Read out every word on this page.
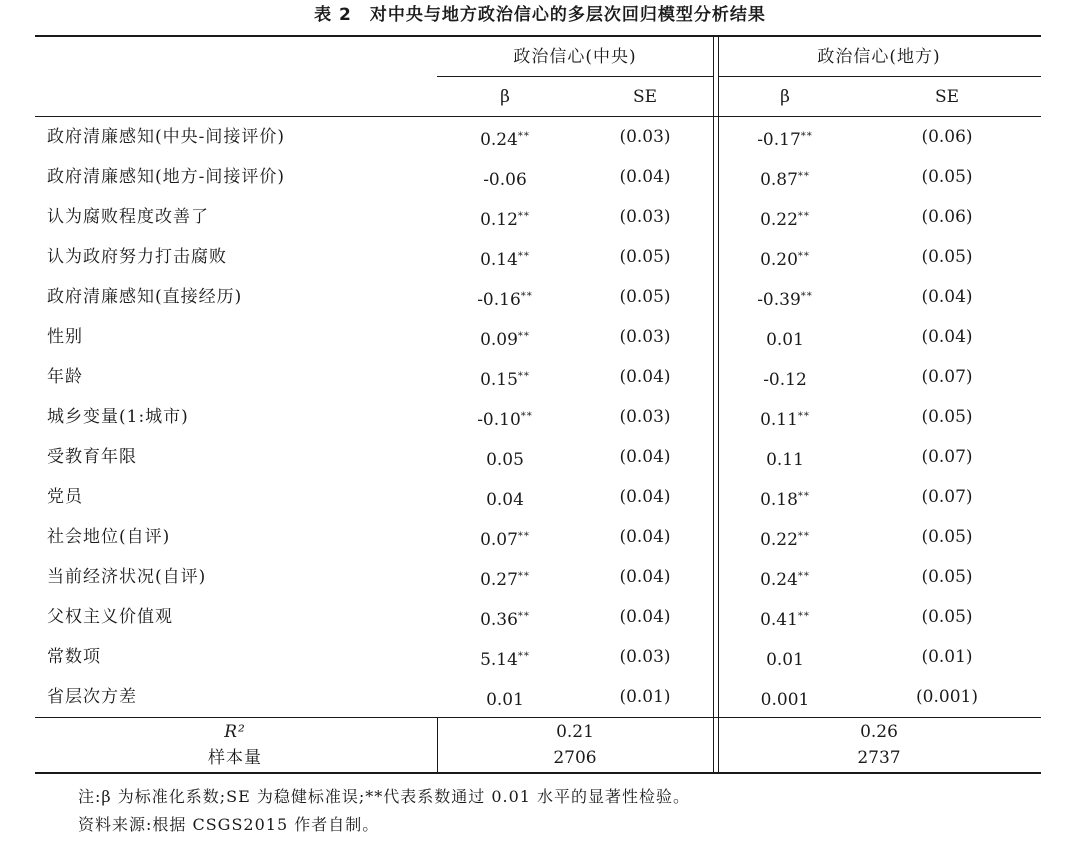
表 2　对中央与地方政治信心的多层次回归模型分析结果
政治信心(中央)	政治信心(地方)
β	SE	β	SE
政府清廉感知(中央-间接评价)	0.24**	(0.03)	-0.17**	(0.06)
政府清廉感知(地方-间接评价)	-0.06	(0.04)	0.87**	(0.05)
认为腐败程度改善了	0.12**	(0.03)	0.22**	(0.06)
认为政府努力打击腐败	0.14**	(0.05)	0.20**	(0.05)
政府清廉感知(直接经历)	-0.16**	(0.05)	-0.39**	(0.04)
性别	0.09**	(0.03)	0.01	(0.04)
年龄	0.15**	(0.04)	-0.12	(0.07)
城乡变量(1:城市)	-0.10**	(0.03)	0.11**	(0.05)
受教育年限	0.05	(0.04)	0.11	(0.07)
党员	0.04	(0.04)	0.18**	(0.07)
社会地位(自评)	0.07**	(0.04)	0.22**	(0.05)
当前经济状况(自评)	0.27**	(0.04)	0.24**	(0.05)
父权主义价值观	0.36**	(0.04)	0.41**	(0.05)
常数项	5.14**	(0.03)	0.01	(0.01)
省层次方差	0.01	(0.01)	0.001	(0.001)
R²	0.21	0.26
样本量	2706	2737
注:β 为标准化系数;SE 为稳健标准误;**代表系数通过 0.01 水平的显著性检验。
资料来源:根据 CSGS2015 作者自制。
